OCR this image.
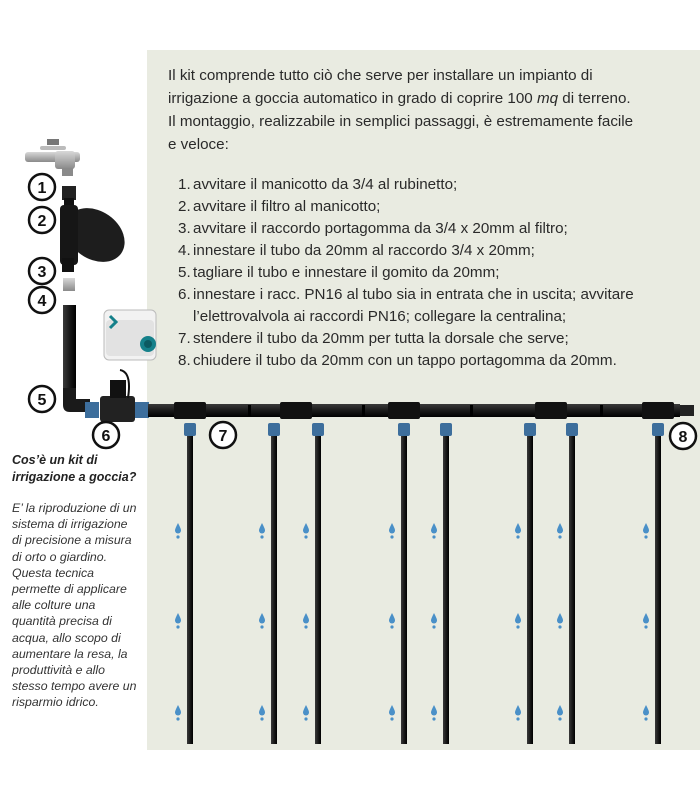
Il kit comprende tutto ciò che serve per installare un impianto di
irrigazione a goccia automatico in grado di coprire 100 mq di terreno.
Il montaggio, realizzabile in semplici passaggi, è estremamente facile
e veloce:
1. avvitare il manicotto da 3/4 al rubinetto;
2. avvitare il filtro al manicotto;
3. avvitare il raccordo portagomma da 3/4 x 20mm al filtro;
4. innestare il tubo da 20mm al raccordo 3/4 x 20mm;
5. tagliare il tubo e innestare il gomito da 20mm;
6. innestare i racc. PN16 al tubo sia in entrata che in uscita; avvitare l’elettrovalvola ai raccordi PN16; collegare la centralina;
7. stendere il tubo da 20mm per tutta la dorsale che serve;
8. chiudere il tubo da 20mm con un tappo portagomma da 20mm.
Cos’è un kit di irrigazione a goccia?
E’ la riproduzione di un sistema di irrigazione di precisione a misura di orto o giardino. Questa tecnica permette di applicare alle colture una quantità precisa di acqua, allo scopo di aumentare la resa, la produttività e allo stesso tempo avere un risparmio idrico.
1
2
3
4
5
6	7	8
